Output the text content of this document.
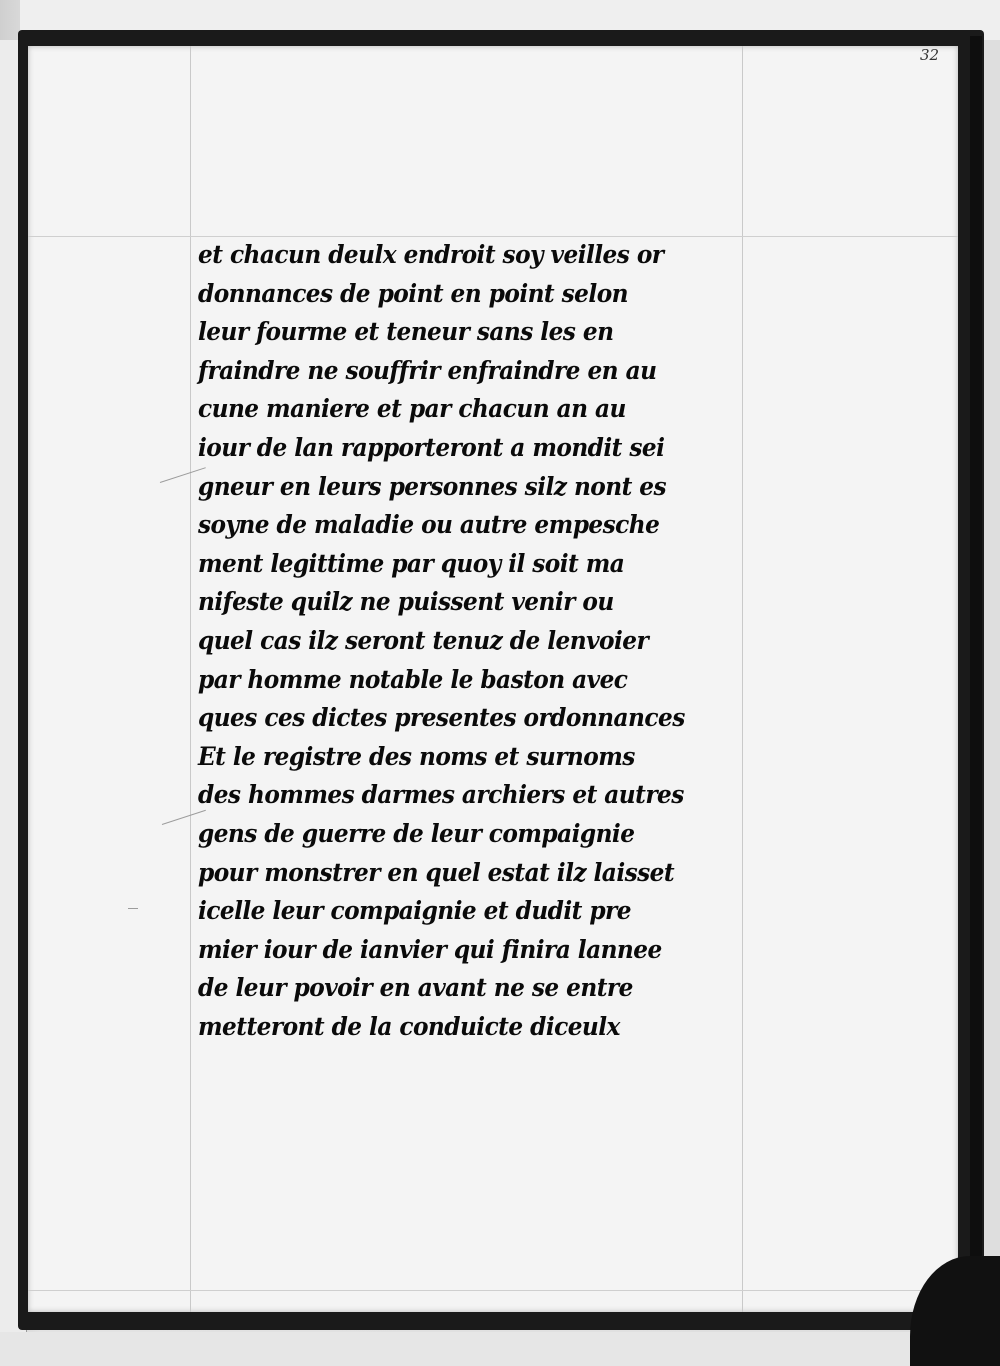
32
et chacun deulx endroit soy veilles or
donnances de point en point selon
leur fourme et teneur sans les en
fraindre ne souffrir enfraindre en au
cune maniere et par chacun an au
iour de lan rapporteront a mondit sei
gneur en leurs personnes silz nont es
soyne de maladie ou autre empesche
ment legittime par quoy il soit ma
nifeste quilz ne puissent venir ou
quel cas ilz seront tenuz de lenvoier
par homme notable le baston avec
ques ces dictes presentes ordonnances
Et le registre des noms et surnoms
des hommes darmes archiers et autres
gens de guerre de leur compaignie
pour monstrer en quel estat ilz laisset
icelle leur compaignie et dudit pre
mier iour de ianvier qui finira lannee
de leur povoir en avant ne se entre
metteront de la conduicte diceulx
